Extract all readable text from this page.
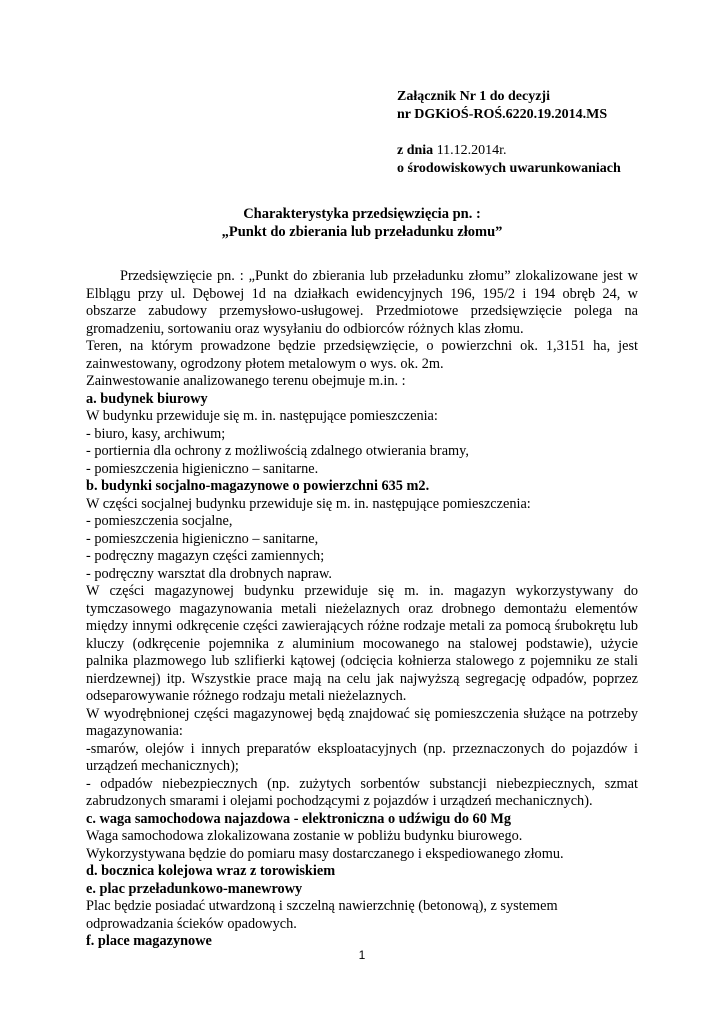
Załącznik Nr 1 do decyzji
nr DGKiOŚ-ROŚ.6220.19.2014.MS
z dnia 11.12.2014r.
o środowiskowych uwarunkowaniach
Charakterystyka przedsięwzięcia pn. :
„Punkt do zbierania lub przeładunku złomu”

Przedsięwzięcie pn. : „Punkt do zbierania lub przeładunku złomu” zlokalizowane jest w Elblągu przy ul. Dębowej 1d na działkach ewidencyjnych 196, 195/2 i 194 obręb 24, w obszarze zabudowy przemysłowo-usługowej. Przedmiotowe przedsięwzięcie polega na gromadzeniu, sortowaniu oraz wysyłaniu do odbiorców różnych klas złomu.

Teren, na którym prowadzone będzie przedsięwzięcie, o powierzchni ok. 1,3151 ha, jest zainwestowany, ogrodzony płotem metalowym o wys. ok. 2m.

Zainwestowanie analizowanego terenu obejmuje m.in. :

a. budynek biurowy

W budynku przewiduje się m. in. następujące pomieszczenia:

- biuro, kasy, archiwum;

- portiernia dla ochrony z możliwością zdalnego otwierania bramy,

- pomieszczenia higieniczno – sanitarne.

b. budynki socjalno-magazynowe o powierzchni 635 m2.

W części socjalnej budynku przewiduje się m. in. następujące pomieszczenia:

- pomieszczenia socjalne,

- pomieszczenia higieniczno – sanitarne,

- podręczny magazyn części zamiennych;

- podręczny warsztat dla drobnych napraw.

W części magazynowej budynku przewiduje się m. in. magazyn wykorzystywany do tymczasowego magazynowania metali nieżelaznych oraz drobnego demontażu elementów między innymi odkręcenie części zawierających różne rodzaje metali za pomocą śrubokrętu lub kluczy (odkręcenie pojemnika z aluminium mocowanego na stalowej podstawie), użycie palnika plazmowego lub szlifierki kątowej (odcięcia kołnierza stalowego z pojemniku ze stali nierdzewnej) itp. Wszystkie prace mają na celu jak najwyższą segregację odpadów, poprzez odseparowywanie różnego rodzaju metali nieżelaznych.

W wyodrębnionej części magazynowej będą znajdować się pomieszczenia służące na potrzeby magazynowania:

-smarów, olejów i innych preparatów eksploatacyjnych (np. przeznaczonych do pojazdów i urządzeń mechanicznych);

- odpadów niebezpiecznych (np. zużytych sorbentów substancji niebezpiecznych, szmat zabrudzonych smarami i olejami pochodzącymi z pojazdów i urządzeń mechanicznych).

c. waga samochodowa najazdowa - elektroniczna o udźwigu do 60 Mg

Waga samochodowa zlokalizowana zostanie w pobliżu budynku biurowego.

Wykorzystywana będzie do pomiaru masy dostarczanego i ekspediowanego złomu.

d. bocznica kolejowa wraz z torowiskiem

e. plac przeładunkowo-manewrowy

Plac będzie posiadać utwardzoną i szczelną nawierzchnię (betonową), z systemem odprowadzania ścieków opadowych.

f. place magazynowe

1
